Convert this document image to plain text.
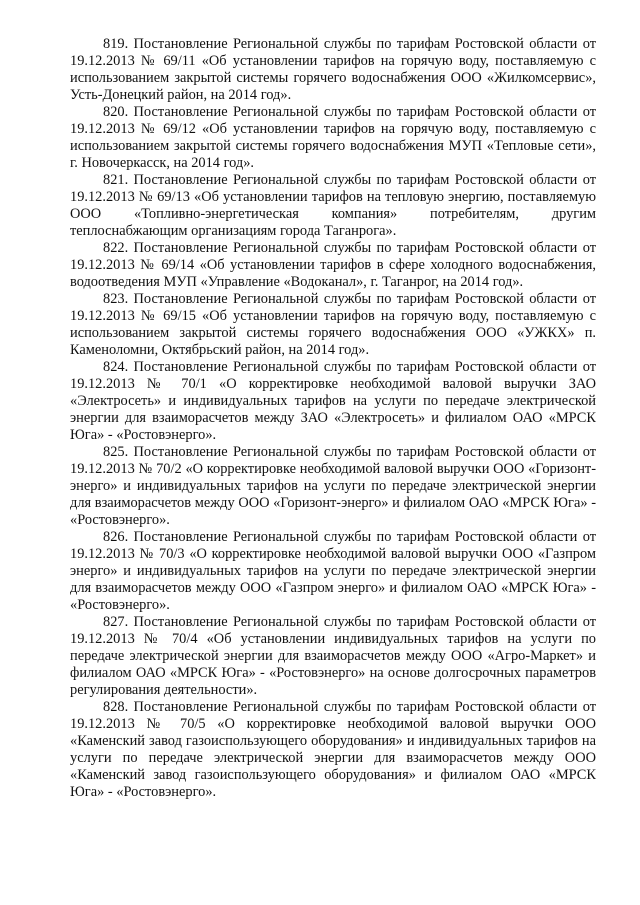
819. Постановление Региональной службы по тарифам Ростовской области от 19.12.2013 № 69/11 «Об установлении тарифов на горячую воду, поставляемую с использованием закрытой системы горячего водоснабжения ООО «Жилкомсервис», Усть-Донецкий район, на 2014 год».

820. Постановление Региональной службы по тарифам Ростовской области от 19.12.2013 № 69/12 «Об установлении тарифов на горячую воду, поставляемую с использованием закрытой системы горячего водоснабжения МУП «Тепловые сети», г. Новочеркасск, на 2014 год».

821. Постановление Региональной службы по тарифам Ростовской области от 19.12.2013 № 69/13 «Об установлении тарифов на тепловую энергию, поставляемую ООО «Топливно-энергетическая компания» потребителям, другим теплоснабжающим организациям города Таганрога».

822. Постановление Региональной службы по тарифам Ростовской области от 19.12.2013 № 69/14 «Об установлении тарифов в сфере холодного водоснабжения, водоотведения МУП «Управление «Водоканал», г. Таганрог, на 2014 год».

823. Постановление Региональной службы по тарифам Ростовской области от 19.12.2013 № 69/15 «Об установлении тарифов на горячую воду, поставляемую с использованием закрытой системы горячего водоснабжения ООО «УЖКХ» п. Каменоломни, Октябрьский район, на 2014 год».

824. Постановление Региональной службы по тарифам Ростовской области от 19.12.2013 № 70/1 «О корректировке необходимой валовой выручки ЗАО «Электросеть» и индивидуальных тарифов на услуги по передаче электрической энергии для взаиморасчетов между ЗАО «Электросеть» и филиалом ОАО «МРСК Юга» - «Ростовэнерго».

825. Постановление Региональной службы по тарифам Ростовской области от 19.12.2013 № 70/2 «О корректировке необходимой валовой выручки ООО «Горизонт-энерго» и индивидуальных тарифов на услуги по передаче электрической энергии для взаиморасчетов между ООО «Горизонт-энерго» и филиалом ОАО «МРСК Юга» - «Ростовэнерго».

826. Постановление Региональной службы по тарифам Ростовской области от 19.12.2013 № 70/3 «О корректировке необходимой валовой выручки ООО «Газпром энерго» и индивидуальных тарифов на услуги по передаче электрической энергии для взаиморасчетов между ООО «Газпром энерго» и филиалом ОАО «МРСК Юга» - «Ростовэнерго».

827. Постановление Региональной службы по тарифам Ростовской области от 19.12.2013 № 70/4 «Об установлении индивидуальных тарифов на услуги по передаче электрической энергии для взаиморасчетов между ООО «Агро-Маркет» и филиалом ОАО «МРСК Юга» - «Ростовэнерго» на основе долгосрочных параметров регулирования деятельности».

828. Постановление Региональной службы по тарифам Ростовской области от 19.12.2013 № 70/5 «О корректировке необходимой валовой выручки ООО «Каменский завод газоиспользующего оборудования» и индивидуальных тарифов на услуги по передаче электрической энергии для взаиморасчетов между ООО «Каменский завод газоиспользующего оборудования» и филиалом ОАО «МРСК Юга» - «Ростовэнерго».
